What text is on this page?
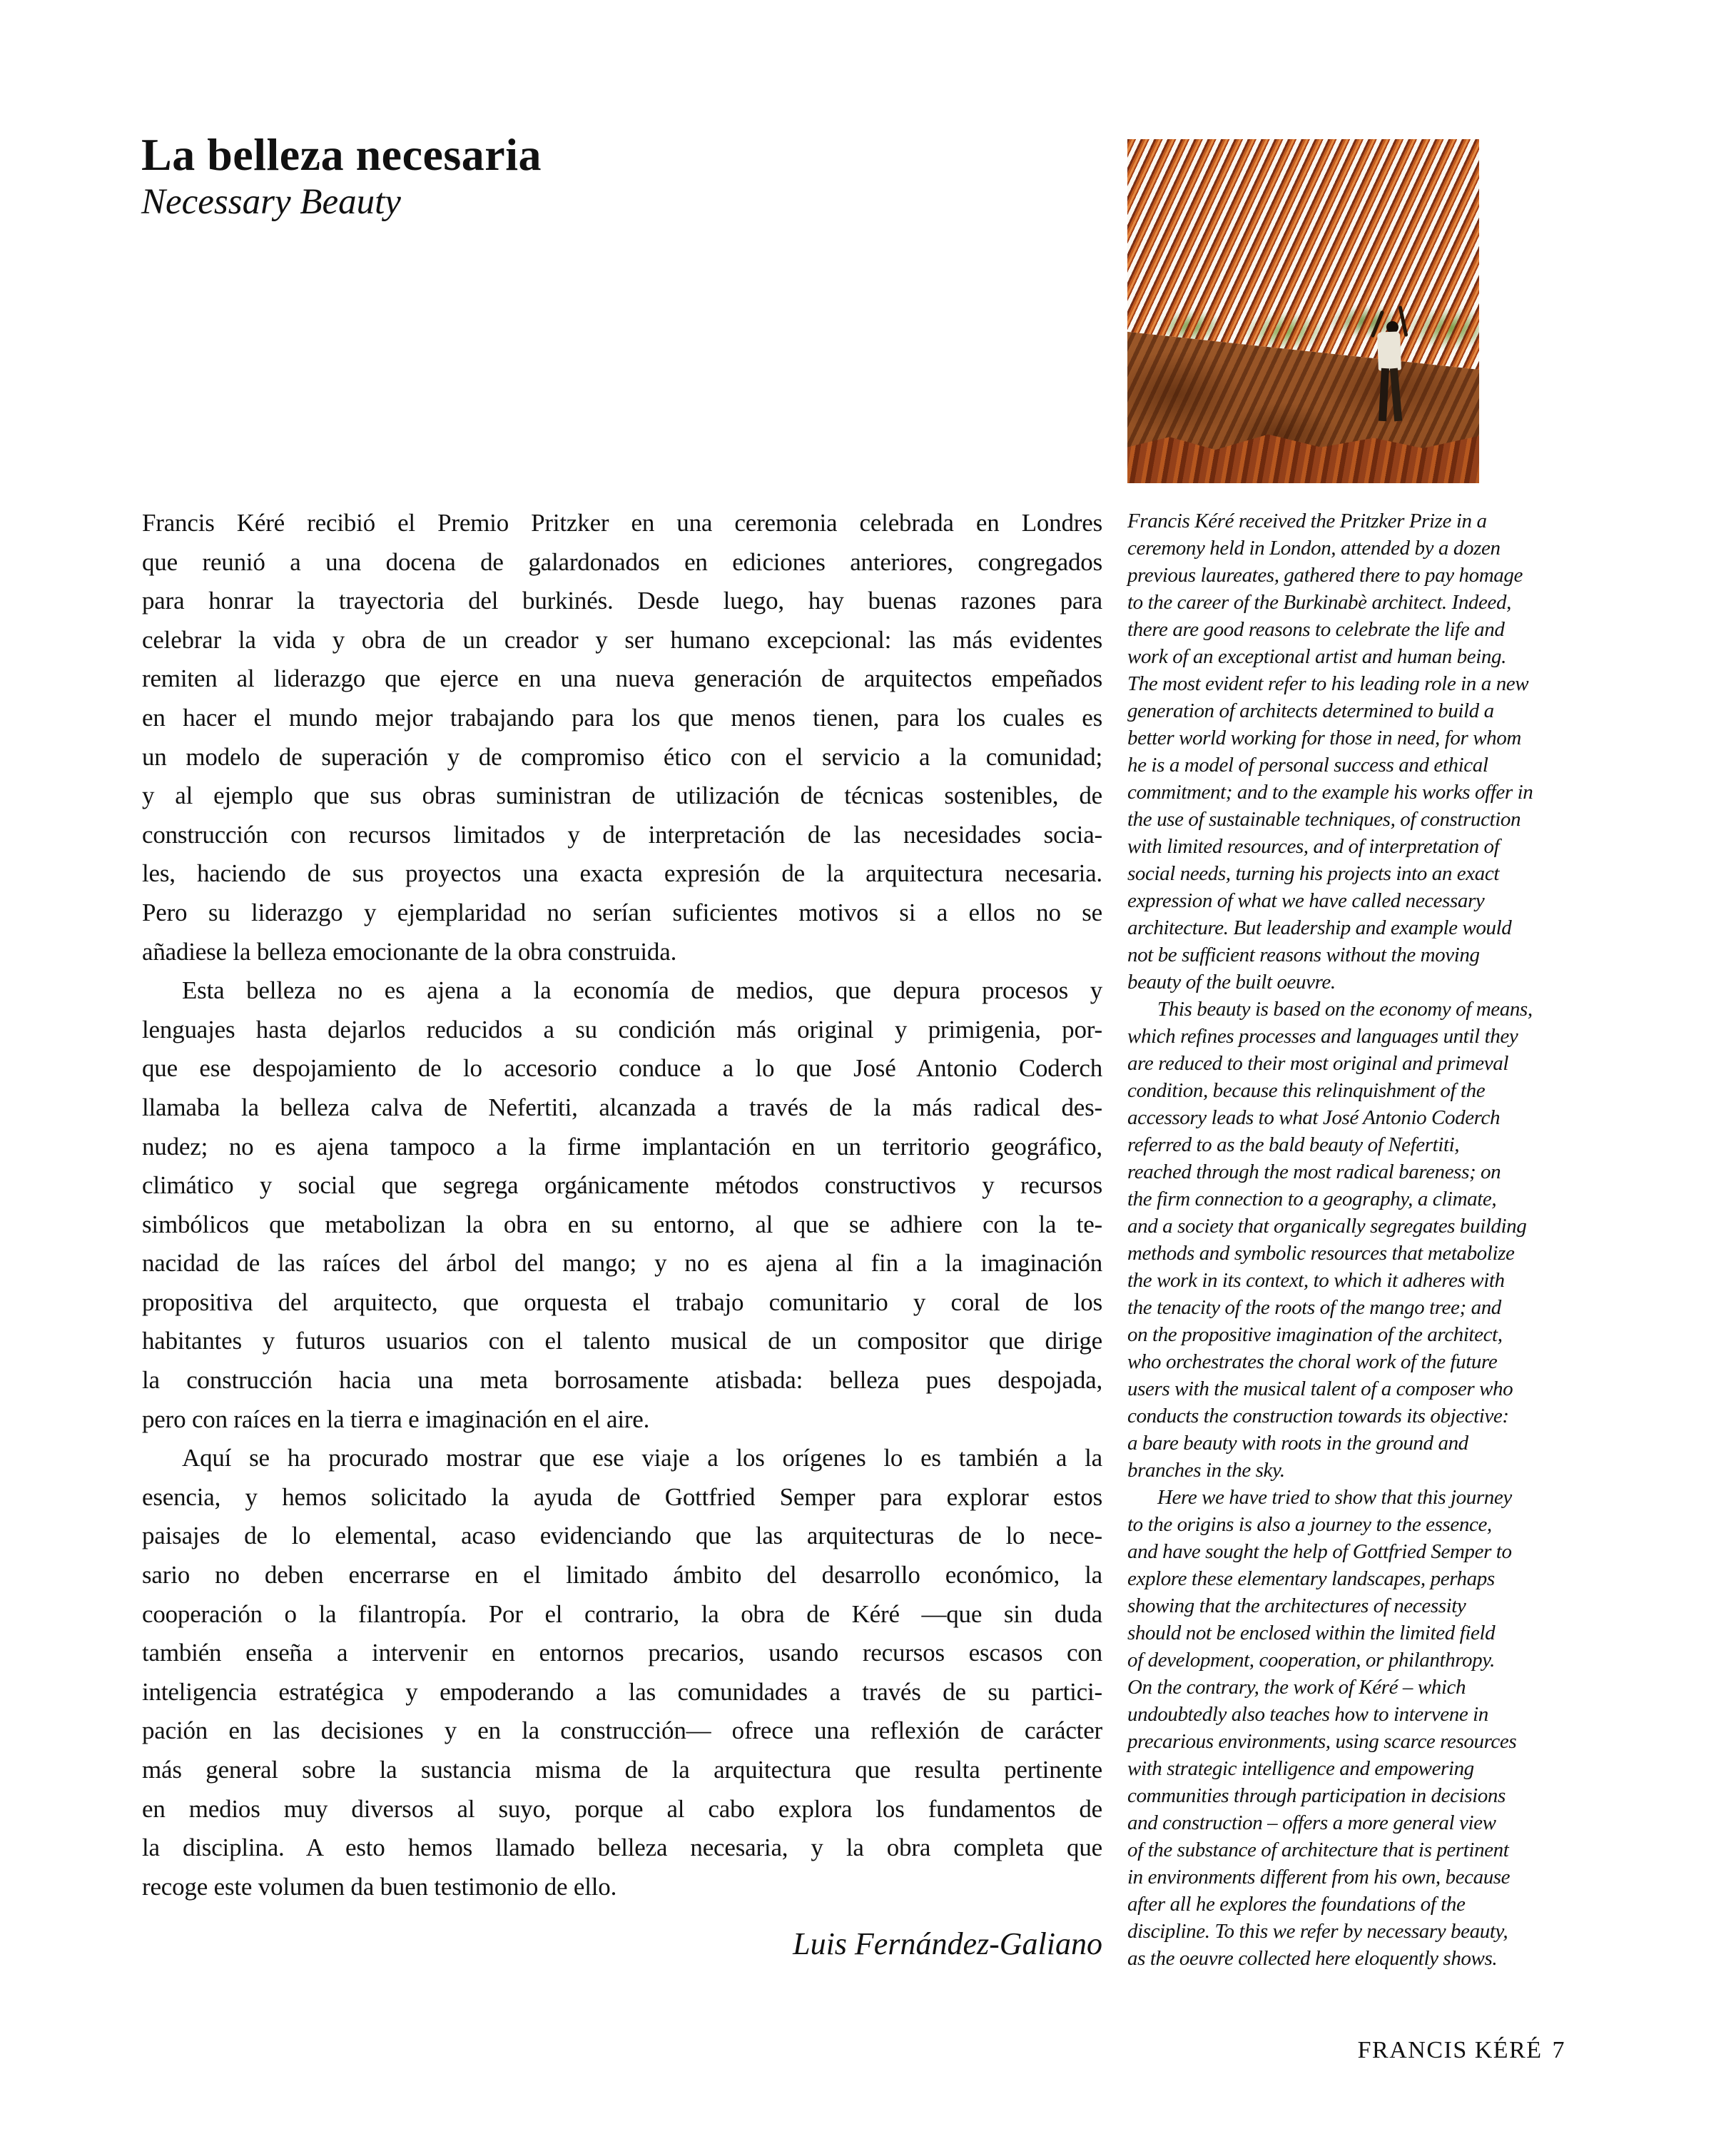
La belleza necesaria
Necessary Beauty
Francis Kéré recibió el Premio Pritzker en una ceremonia celebrada en Londres
que reunió a una docena de galardonados en ediciones anteriores, congregados
para honrar la trayectoria del burkinés. Desde luego, hay buenas razones para
celebrar la vida y obra de un creador y ser humano excepcional: las más evidentes
remiten al liderazgo que ejerce en una nueva generación de arquitectos empeñados
en hacer el mundo mejor trabajando para los que menos tienen, para los cuales es
un modelo de superación y de compromiso ético con el servicio a la comunidad;
y al ejemplo que sus obras suministran de utilización de técnicas sostenibles, de
construcción con recursos limitados y de interpretación de las necesidades socia-
les, haciendo de sus proyectos una exacta expresión de la arquitectura necesaria.
Pero su liderazgo y ejemplaridad no serían suficientes motivos si a ellos no se
añadiese la belleza emocionante de la obra construida.
Esta belleza no es ajena a la economía de medios, que depura procesos y
lenguajes hasta dejarlos reducidos a su condición más original y primigenia, por-
que ese despojamiento de lo accesorio conduce a lo que José Antonio Coderch
llamaba la belleza calva de Nefertiti, alcanzada a través de la más radical des-
nudez; no es ajena tampoco a la firme implantación en un territorio geográfico,
climático y social que segrega orgánicamente métodos constructivos y recursos
simbólicos que metabolizan la obra en su entorno, al que se adhiere con la te-
nacidad de las raíces del árbol del mango; y no es ajena al fin a la imaginación
propositiva del arquitecto, que orquesta el trabajo comunitario y coral de los
habitantes y futuros usuarios con el talento musical de un compositor que dirige
la construcción hacia una meta borrosamente atisbada: belleza pues despojada,
pero con raíces en la tierra e imaginación en el aire.
Aquí se ha procurado mostrar que ese viaje a los orígenes lo es también a la
esencia, y hemos solicitado la ayuda de Gottfried Semper para explorar estos
paisajes de lo elemental, acaso evidenciando que las arquitecturas de lo nece-
sario no deben encerrarse en el limitado ámbito del desarrollo económico, la
cooperación o la filantropía. Por el contrario, la obra de Kéré —que sin duda
también enseña a intervenir en entornos precarios, usando recursos escasos con
inteligencia estratégica y empoderando a las comunidades a través de su partici-
pación en las decisiones y en la construcción— ofrece una reflexión de carácter
más general sobre la sustancia misma de la arquitectura que resulta pertinente
en medios muy diversos al suyo, porque al cabo explora los fundamentos de
la disciplina. A esto hemos llamado belleza necesaria, y la obra completa que
recoge este volumen da buen testimonio de ello.
Francis Kéré received the Pritzker Prize in a
ceremony held in London, attended by a dozen
previous laureates, gathered there to pay homage
to the career of the Burkinabè architect. Indeed,
there are good reasons to celebrate the life and
work of an exceptional artist and human being.
The most evident refer to his leading role in a new
generation of architects determined to build a
better world working for those in need, for whom
he is a model of personal success and ethical
commitment; and to the example his works offer in
the use of sustainable techniques, of construction
with limited resources, and of interpretation of
social needs, turning his projects into an exact
expression of what we have called necessary
architecture. But leadership and example would
not be sufficient reasons without the moving
beauty of the built oeuvre.
This beauty is based on the economy of means,
which refines processes and languages until they
are reduced to their most original and primeval
condition, because this relinquishment of the
accessory leads to what José Antonio Coderch
referred to as the bald beauty of Nefertiti,
reached through the most radical bareness; on
the firm connection to a geography, a climate,
and a society that organically segregates building
methods and symbolic resources that metabolize
the work in its context, to which it adheres with
the tenacity of the roots of the mango tree; and
on the propositive imagination of the architect,
who orchestrates the choral work of the future
users with the musical talent of a composer who
conducts the construction towards its objective:
a bare beauty with roots in the ground and
branches in the sky.
Here we have tried to show that this journey
to the origins is also a journey to the essence,
and have sought the help of Gottfried Semper to
explore these elementary landscapes, perhaps
showing that the architectures of necessity
should not be enclosed within the limited field
of development, cooperation, or philanthropy.
On the contrary, the work of Kéré – which
undoubtedly also teaches how to intervene in
precarious environments, using scarce resources
with strategic intelligence and empowering
communities through participation in decisions
and construction – offers a more general view
of the substance of architecture that is pertinent
in environments different from his own, because
after all he explores the foundations of the
discipline. To this we refer by necessary beauty,
as the oeuvre collected here eloquently shows.
Luis Fernández-Galiano
FRANCIS KÉRÉ 7
